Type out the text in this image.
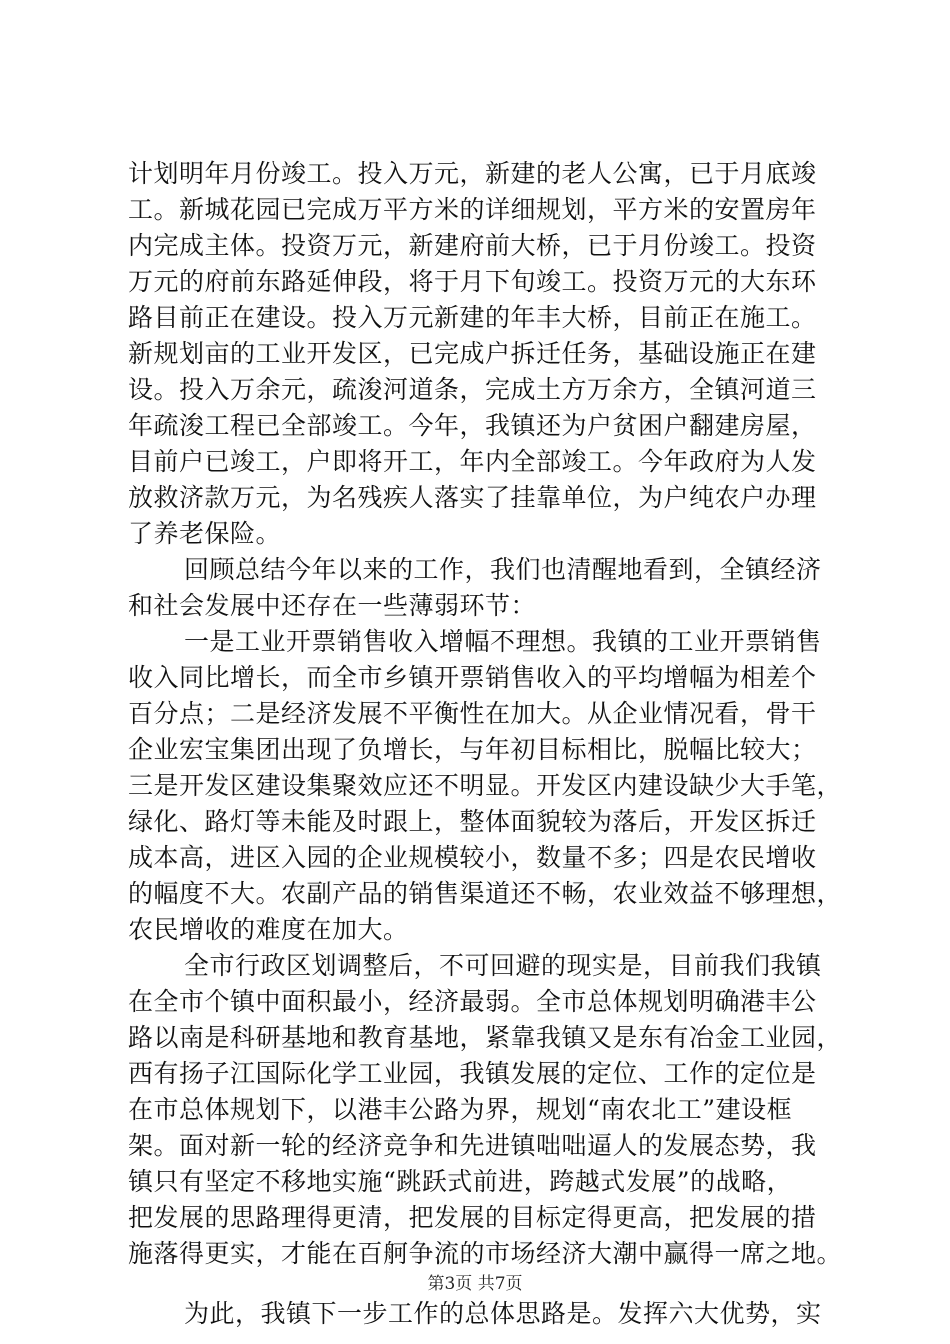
计划明年月份竣工。投入万元，新建的老人公寓，已于月底竣
工。新城花园已完成万平方米的详细规划，平方米的安置房年
内完成主体。投资万元，新建府前大桥，已于月份竣工。投资
万元的府前东路延伸段，将于月下旬竣工。投资万元的大东环
路目前正在建设。投入万元新建的年丰大桥，目前正在施工。
新规划亩的工业开发区，已完成户拆迁任务，基础设施正在建
设。投入万余元，疏浚河道条，完成土方万余方，全镇河道三
年疏浚工程已全部竣工。今年，我镇还为户贫困户翻建房屋，
目前户已竣工，户即将开工，年内全部竣工。今年政府为人发
放救济款万元，为名残疾人落实了挂靠单位，为户纯农户办理
了养老保险。
回顾总结今年以来的工作，我们也清醒地看到，全镇经济
和社会发展中还存在一些薄弱环节：
一是工业开票销售收入增幅不理想。我镇的工业开票销售
收入同比增长，而全市乡镇开票销售收入的平均增幅为相差个
百分点；二是经济发展不平衡性在加大。从企业情况看，骨干
企业宏宝集团出现了负增长，与年初目标相比，脱幅比较大；
三是开发区建设集聚效应还不明显。开发区内建设缺少大手笔，
绿化、路灯等未能及时跟上，整体面貌较为落后，开发区拆迁
成本高，进区入园的企业规模较小，数量不多；四是农民增收
的幅度不大。农副产品的销售渠道还不畅，农业效益不够理想，
农民增收的难度在加大。
全市行政区划调整后，不可回避的现实是，目前我们我镇
在全市个镇中面积最小，经济最弱。全市总体规划明确港丰公
路以南是科研基地和教育基地，紧靠我镇又是东有冶金工业园，
西有扬子江国际化学工业园，我镇发展的定位、工作的定位是
在市总体规划下，以港丰公路为界，规划“南农北工”建设框
架。面对新一轮的经济竞争和先进镇咄咄逼人的发展态势，我
镇只有坚定不移地实施“跳跃式前进，跨越式发展”的战略，
把发展的思路理得更清，把发展的目标定得更高，把发展的措
施落得更实，才能在百舸争流的市场经济大潮中赢得一席之地。
为此，我镇下一步工作的总体思路是。发挥六大优势，实
第3页 共7页
